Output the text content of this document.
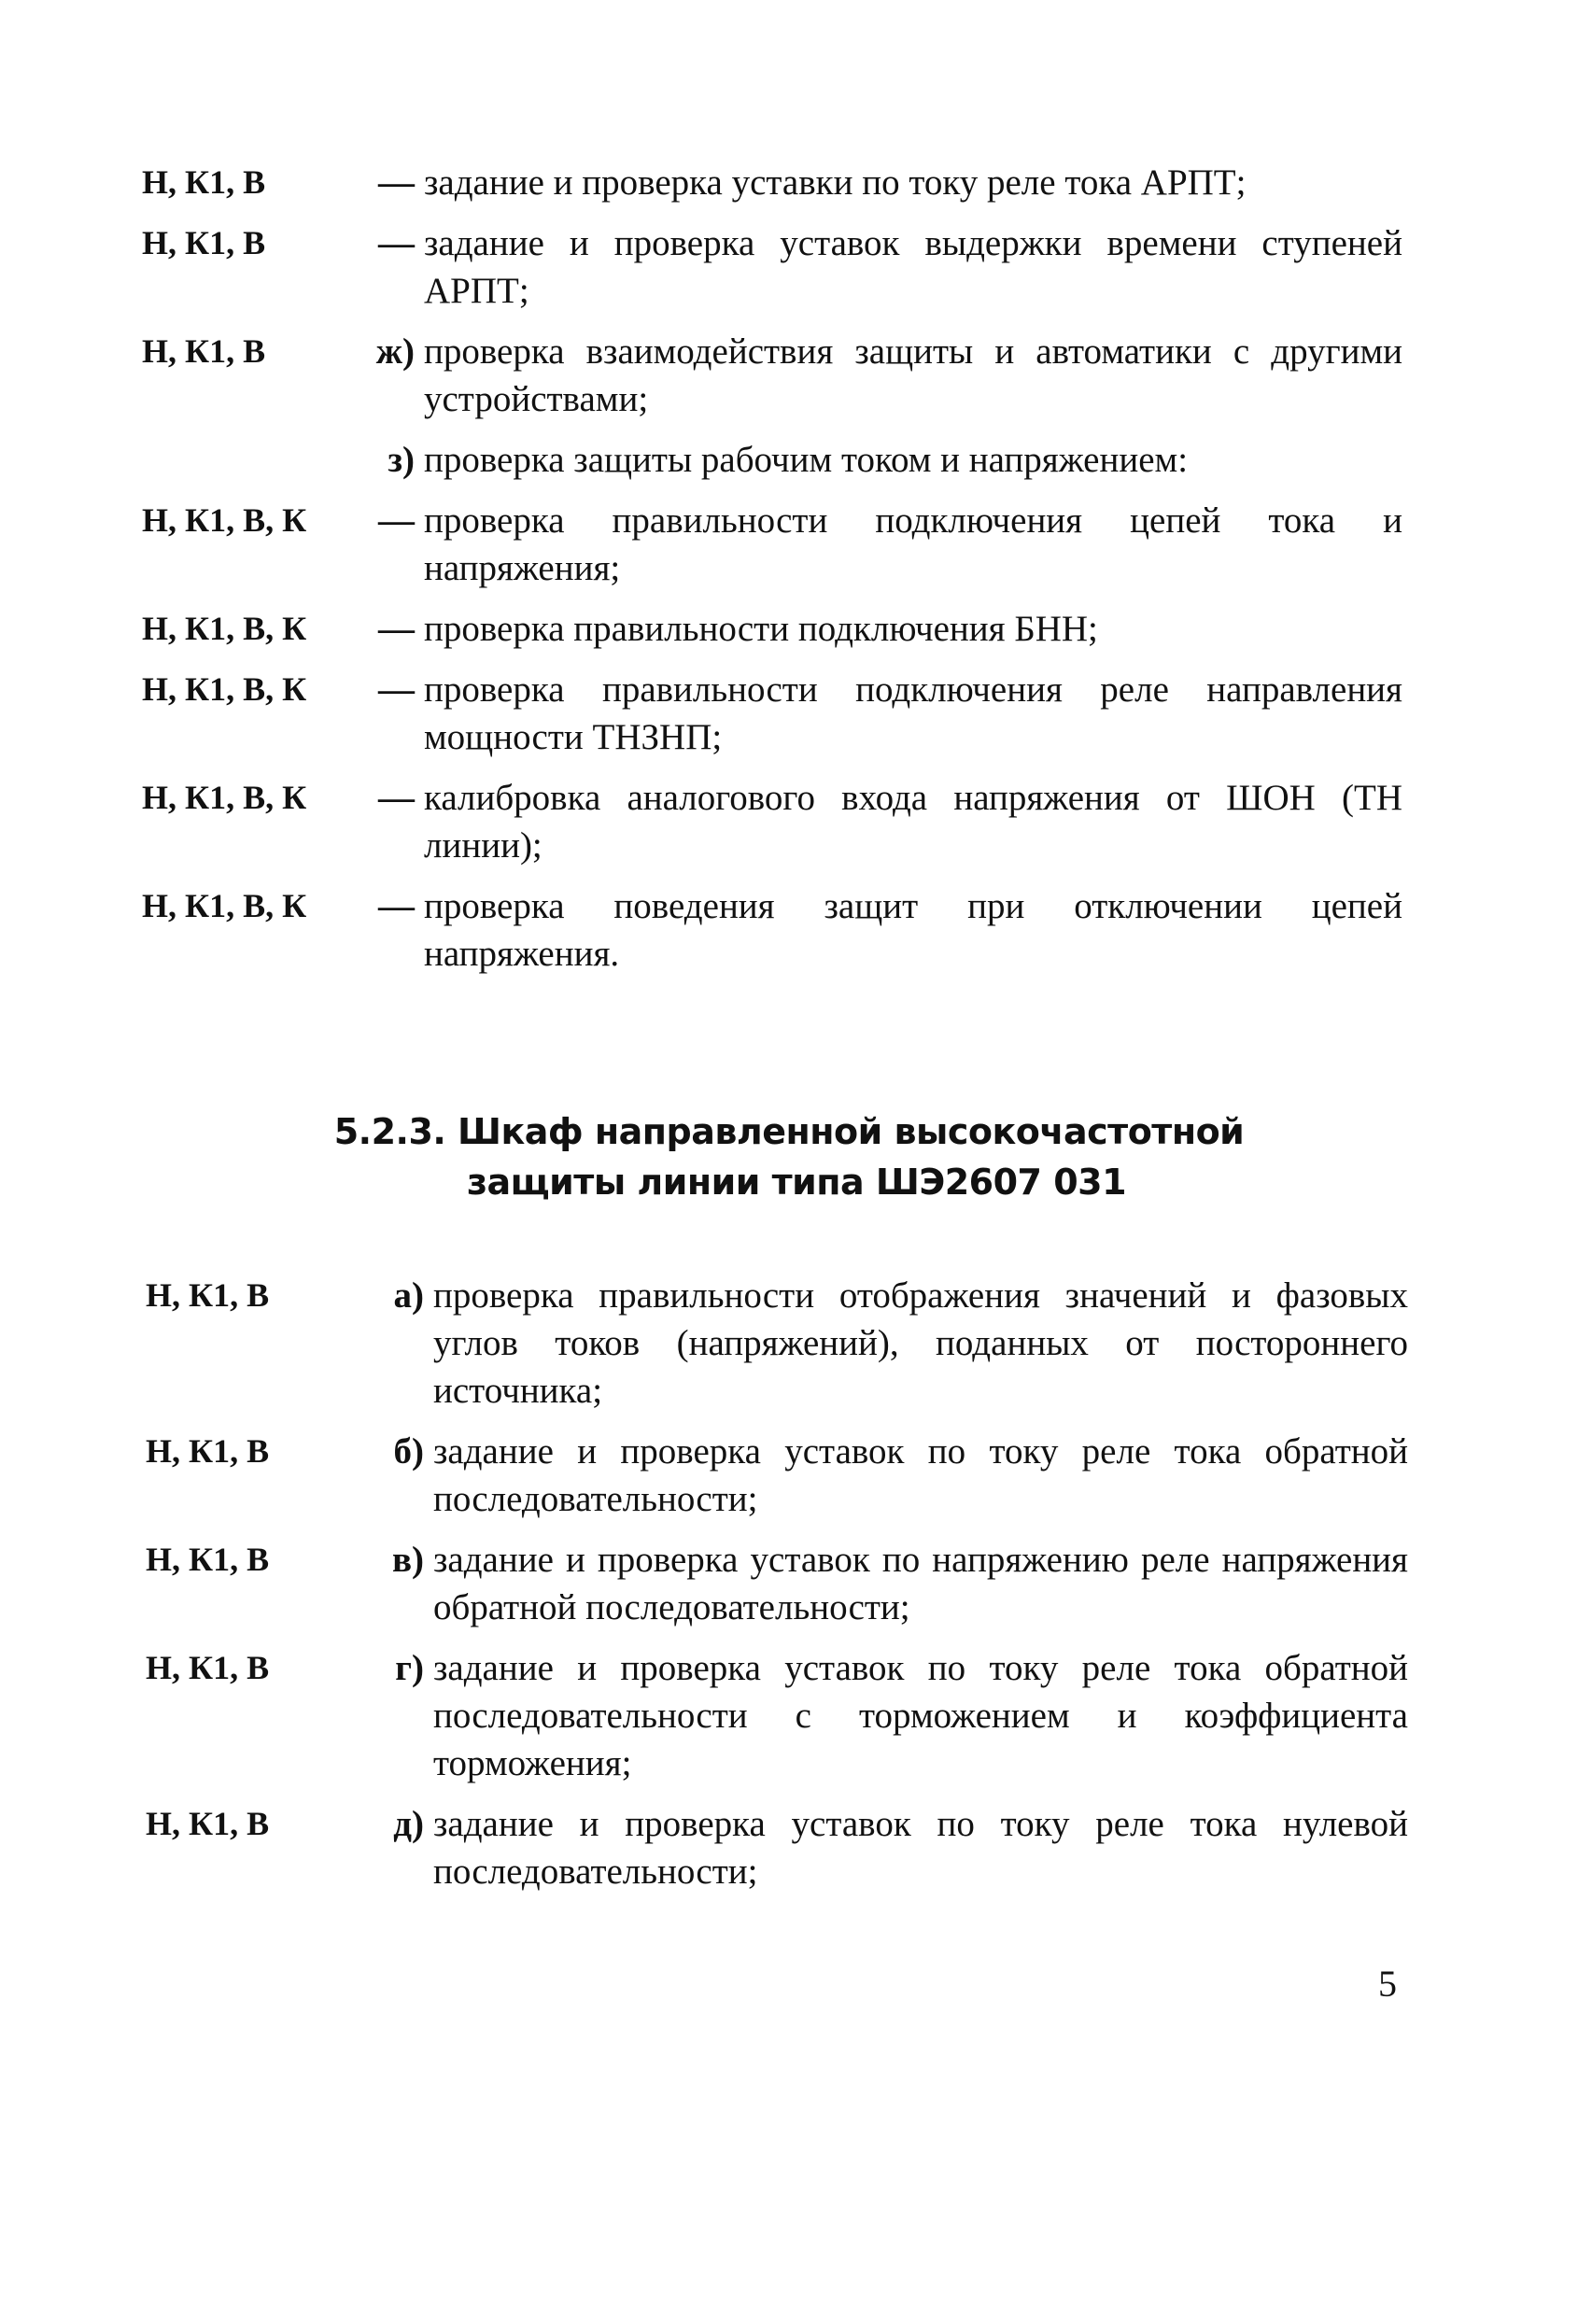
Н, К1, В	— задание и проверка уставки по току реле тока АРПТ;
Н, К1, В	— задание и проверка уставок выдержки времени ступеней АРПТ;
Н, К1, В	ж) проверка взаимодействия защиты и автоматики с другими устройствами;
з) проверка защиты рабочим током и напряжением:
Н, К1, В, К	— проверка правильности подключения цепей тока и напряжения;
Н, К1, В, К	— проверка правильности подключения БНН;
Н, К1, В, К	— проверка правильности подключения реле направления мощности ТНЗНП;
Н, К1, В, К	— калибровка аналогового входа напряжения от ШОН (ТН линии);
Н, К1, В, К	— проверка поведения защит при отключении цепей напряжения.
5.2.3. Шкаф направленной высокочастотной
защиты линии типа ШЭ2607 031
Н, К1, В	а) проверка правильности отображения значений и фазовых углов токов (напряжений), поданных от постороннего источника;
Н, К1, В	б) задание и проверка уставок по току реле тока обратной последовательности;
Н, К1, В	в) задание и проверка уставок по напряжению реле напряжения обратной последовательности;
Н, К1, В	г) задание и проверка уставок по току реле тока обратной последовательности с торможением и коэффициента торможения;
Н, К1, В	д) задание и проверка уставок по току реле тока нулевой последовательности;
5
